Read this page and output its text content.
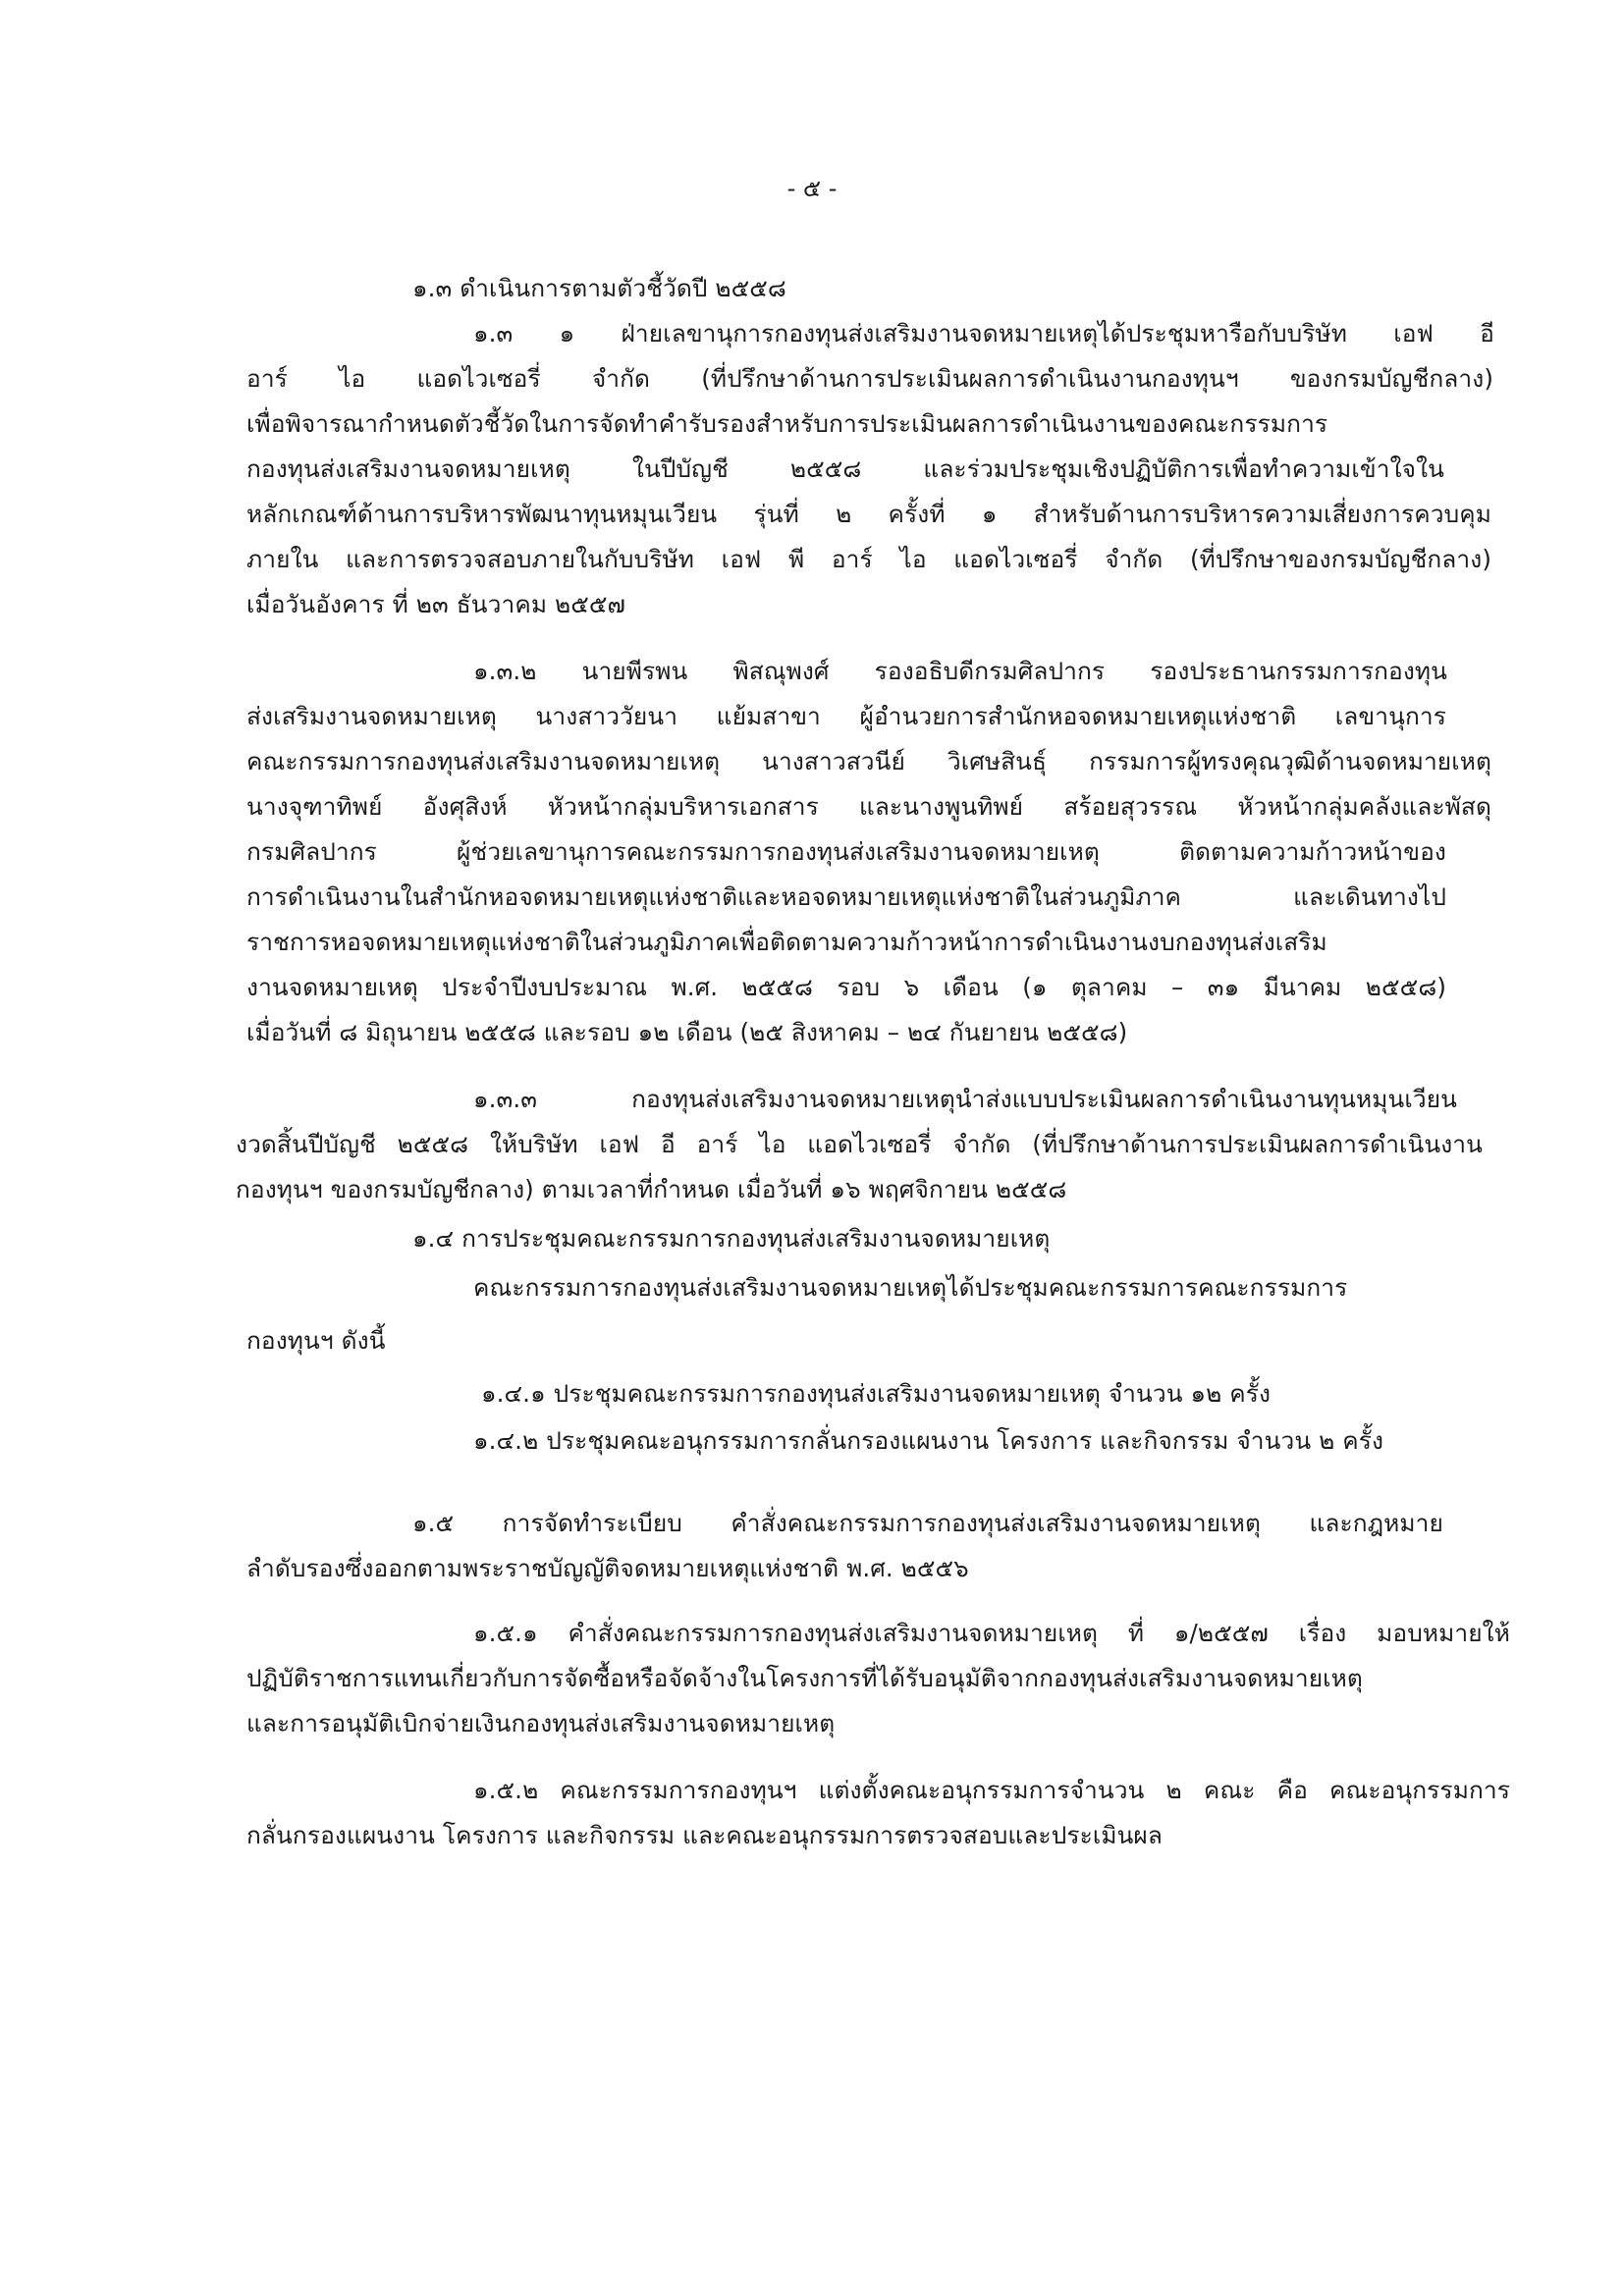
- ๕ -
๑.๓ ดำเนินการตามตัวชี้วัดปี ๒๕๕๘
๑.๓ ๑ ฝ่ายเลขานุการกองทุนส่งเสริมงานจดหมายเหตุได้ประชุมหารือกับบริษัท เอฟ อี
อาร์ ไอ แอดไวเซอรี่ จำกัด (ที่ปรึกษาด้านการประเมินผลการดำเนินงานกองทุนฯ ของกรมบัญชีกลาง)
เพื่อพิจารณากำหนดตัวชี้วัดในการจัดทำคำรับรองสำหรับการประเมินผลการดำเนินงานของคณะกรรมการ
กองทุนส่งเสริมงานจดหมายเหตุ ในปีบัญชี ๒๕๕๘ และร่วมประชุมเชิงปฏิบัติการเพื่อทำความเข้าใจใน
หลักเกณฑ์ด้านการบริหารพัฒนาทุนหมุนเวียน รุ่นที่ ๒ ครั้งที่ ๑ สำหรับด้านการบริหารความเสี่ยงการควบคุม
ภายใน และการตรวจสอบภายในกับบริษัท เอฟ พี อาร์ ไอ แอดไวเซอรี่ จำกัด (ที่ปรึกษาของกรมบัญชีกลาง)
เมื่อวันอังคาร ที่ ๒๓ ธันวาคม ๒๕๕๗
๑.๓.๒ นายพีรพน พิสณุพงศ์ รองอธิบดีกรมศิลปากร รองประธานกรรมการกองทุน
ส่งเสริมงานจดหมายเหตุ นางสาววัยนา แย้มสาขา ผู้อำนวยการสำนักหอจดหมายเหตุแห่งชาติ เลขานุการ
คณะกรรมการกองทุนส่งเสริมงานจดหมายเหตุ นางสาวสวนีย์ วิเศษสินธุ์ กรรมการผู้ทรงคุณวุฒิด้านจดหมายเหตุ
นางจุฑาทิพย์ อังศุสิงห์ หัวหน้ากลุ่มบริหารเอกสาร และนางพูนทิพย์ สร้อยสุวรรณ หัวหน้ากลุ่มคลังและพัสดุ
กรมศิลปากร ผู้ช่วยเลขานุการคณะกรรมการกองทุนส่งเสริมงานจดหมายเหตุ ติดตามความก้าวหน้าของ
การดำเนินงานในสำนักหอจดหมายเหตุแห่งชาติและหอจดหมายเหตุแห่งชาติในส่วนภูมิภาค และเดินทางไป
ราชการหอจดหมายเหตุแห่งชาติในส่วนภูมิภาคเพื่อติดตามความก้าวหน้าการดำเนินงานงบกองทุนส่งเสริม
งานจดหมายเหตุ ประจำปีงบประมาณ พ.ศ. ๒๕๕๘ รอบ ๖ เดือน (๑ ตุลาคม – ๓๑ มีนาคม ๒๕๕๘)
เมื่อวันที่ ๘ มิถุนายน ๒๕๕๘ และรอบ ๑๒ เดือน (๒๕ สิงหาคม – ๒๔ กันยายน ๒๕๕๘)
๑.๓.๓ กองทุนส่งเสริมงานจดหมายเหตุนำส่งแบบประเมินผลการดำเนินงานทุนหมุนเวียน
งวดสิ้นปีบัญชี ๒๕๕๘ ให้บริษัท เอฟ อี อาร์ ไอ แอดไวเซอรี่ จำกัด (ที่ปรึกษาด้านการประเมินผลการดำเนินงาน
กองทุนฯ ของกรมบัญชีกลาง) ตามเวลาที่กำหนด เมื่อวันที่ ๑๖ พฤศจิกายน ๒๕๕๘
๑.๔ การประชุมคณะกรรมการกองทุนส่งเสริมงานจดหมายเหตุ
คณะกรรมการกองทุนส่งเสริมงานจดหมายเหตุได้ประชุมคณะกรรมการคณะกรรมการ
กองทุนฯ ดังนี้
๑.๔.๑ ประชุมคณะกรรมการกองทุนส่งเสริมงานจดหมายเหตุ จำนวน ๑๒ ครั้ง
๑.๔.๒ ประชุมคณะอนุกรรมการกลั่นกรองแผนงาน โครงการ และกิจกรรม จำนวน ๒ ครั้ง
๑.๕ การจัดทำระเบียบ คำสั่งคณะกรรมการกองทุนส่งเสริมงานจดหมายเหตุ และกฎหมาย
ลำดับรองซึ่งออกตามพระราชบัญญัติจดหมายเหตุแห่งชาติ พ.ศ. ๒๕๕๖
๑.๕.๑ คำสั่งคณะกรรมการกองทุนส่งเสริมงานจดหมายเหตุ ที่ ๑/๒๕๕๗ เรื่อง มอบหมายให้
ปฏิบัติราชการแทนเกี่ยวกับการจัดซื้อหรือจัดจ้างในโครงการที่ได้รับอนุมัติจากกองทุนส่งเสริมงานจดหมายเหตุ
และการอนุมัติเบิกจ่ายเงินกองทุนส่งเสริมงานจดหมายเหตุ
๑.๕.๒ คณะกรรมการกองทุนฯ แต่งตั้งคณะอนุกรรมการจำนวน ๒ คณะ คือ คณะอนุกรรมการ
กลั่นกรองแผนงาน โครงการ และกิจกรรม และคณะอนุกรรมการตรวจสอบและประเมินผล
